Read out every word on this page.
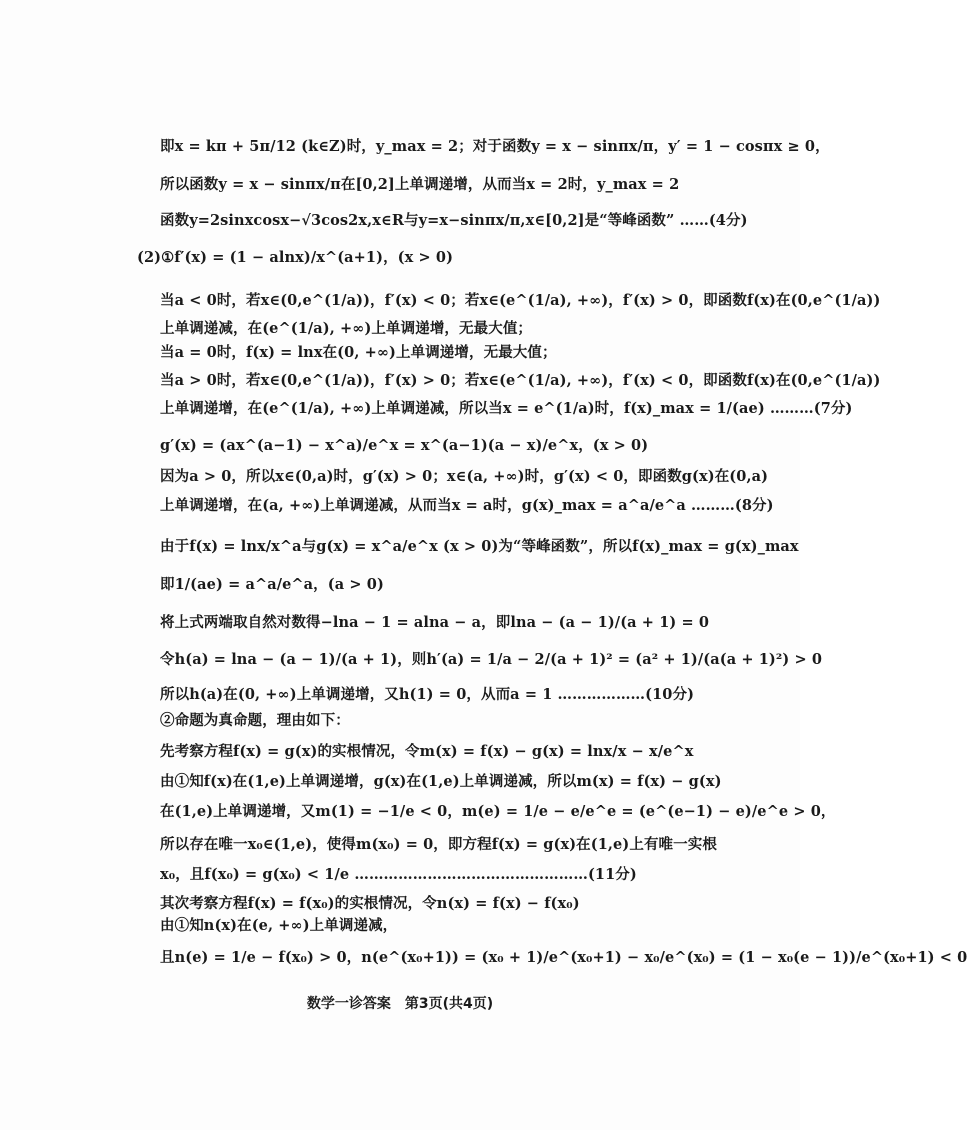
即x = kπ + 5π/12 (k∈Z)时，y_max = 2；对于函数y = x − sinπx/π，y′ = 1 − cosπx ≥ 0，
所以函数y = x − sinπx/π在[0,2]上单调递增，从而当x = 2时，y_max = 2
函数y=2sinxcosx−√3cos2x,x∈R与y=x−sinπx/π,x∈[0,2]是“等峰函数” ……(4分)
(2)①f′(x) = (1 − alnx)/x^(a+1)，(x > 0)
当a < 0时，若x∈(0,e^(1/a))，f′(x) < 0；若x∈(e^(1/a), +∞)，f′(x) > 0，即函数f(x)在(0,e^(1/a))
上单调递减，在(e^(1/a), +∞)上单调递增，无最大值；
当a = 0时，f(x) = lnx在(0, +∞)上单调递增，无最大值；
当a > 0时，若x∈(0,e^(1/a))，f′(x) > 0；若x∈(e^(1/a), +∞)，f′(x) < 0，即函数f(x)在(0,e^(1/a))
上单调递增，在(e^(1/a), +∞)上单调递减，所以当x = e^(1/a)时，f(x)_max = 1/(ae) ………(7分)
g′(x) = (ax^(a−1) − x^a)/e^x = x^(a−1)(a − x)/e^x，(x > 0)
因为a > 0，所以x∈(0,a)时，g′(x) > 0；x∈(a, +∞)时，g′(x) < 0，即函数g(x)在(0,a)
上单调递增，在(a, +∞)上单调递减，从而当x = a时，g(x)_max = a^a/e^a ………(8分)
由于f(x) = lnx/x^a与g(x) = x^a/e^x (x > 0)为“等峰函数”，所以f(x)_max = g(x)_max
即1/(ae) = a^a/e^a，(a > 0)
将上式两端取自然对数得−lna − 1 = alna − a，即lna − (a − 1)/(a + 1) = 0
令h(a) = lna − (a − 1)/(a + 1)，则h′(a) = 1/a − 2/(a + 1)² = (a² + 1)/(a(a + 1)²) > 0
所以h(a)在(0, +∞)上单调递增，又h(1) = 0，从而a = 1 ………………(10分)
②命题为真命题，理由如下：
先考察方程f(x) = g(x)的实根情况，令m(x) = f(x) − g(x) = lnx/x − x/e^x
由①知f(x)在(1,e)上单调递增，g(x)在(1,e)上单调递减，所以m(x) = f(x) − g(x)
在(1,e)上单调递增，又m(1) = −1/e < 0，m(e) = 1/e − e/e^e = (e^(e−1) − e)/e^e > 0，
所以存在唯一x₀∈(1,e)，使得m(x₀) = 0，即方程f(x) = g(x)在(1,e)上有唯一实根
x₀，且f(x₀) = g(x₀) < 1/e …………………………………………(11分)
其次考察方程f(x) = f(x₀)的实根情况，令n(x) = f(x) − f(x₀)
由①知n(x)在(e, +∞)上单调递减，
且n(e) = 1/e − f(x₀) > 0，n(e^(x₀+1)) = (x₀ + 1)/e^(x₀+1) − x₀/e^(x₀) = (1 − x₀(e − 1))/e^(x₀+1) < 0
数学一诊答案　第3页(共4页)
